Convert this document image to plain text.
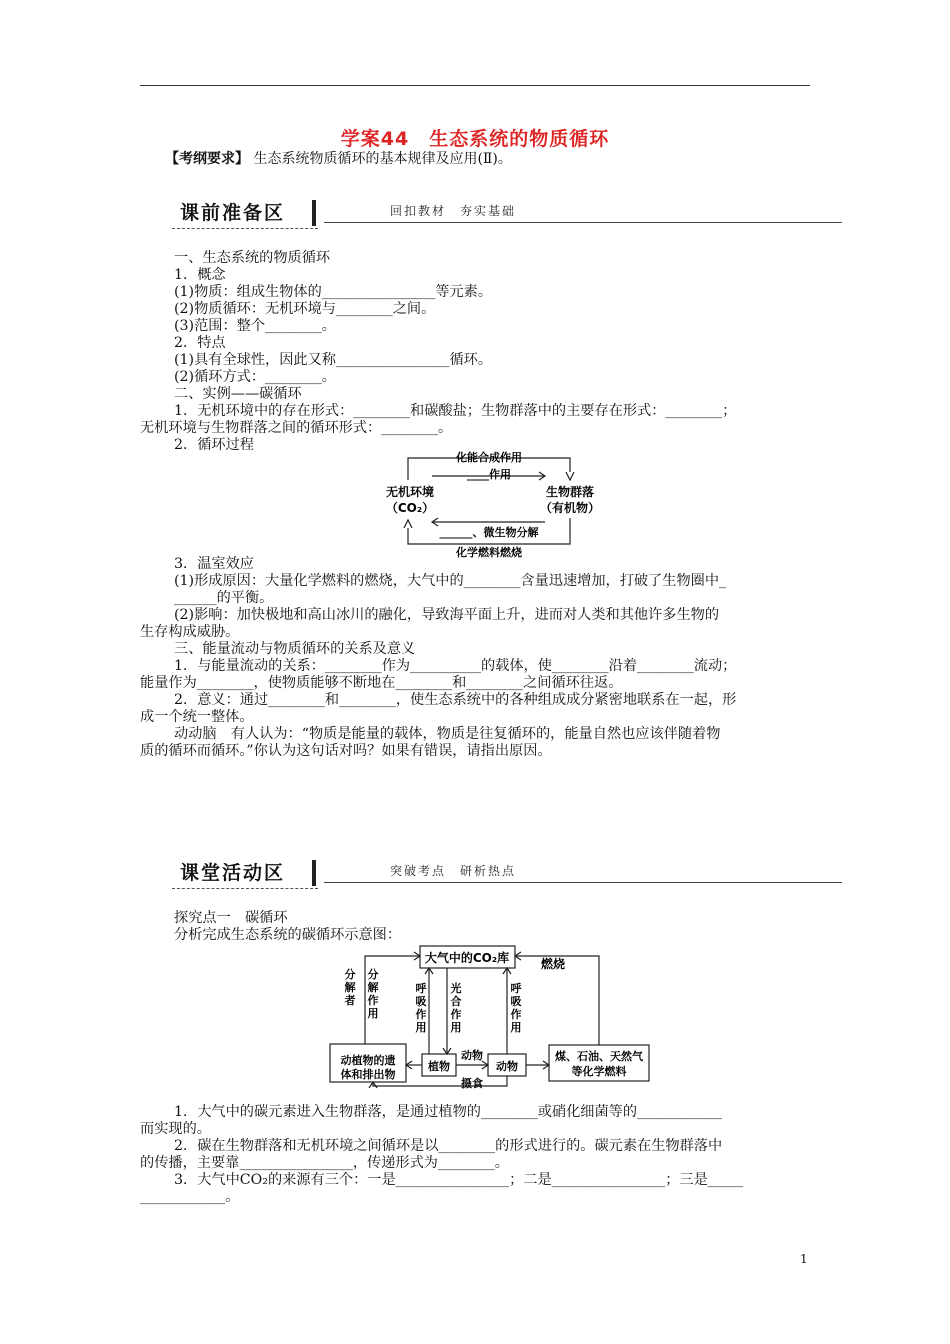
学案44　生态系统的物质循环
【考纲要求】 生态系统物质循环的基本规律及应用(Ⅱ)。
课前准备区	回扣教材　夯实基础

一、生态系统的物质循环

1．概念

(1)物质：组成生物体的________________等元素。

(2)物质循环：无机环境与________之间。

(3)范围：整个________。

2．特点

(1)具有全球性，因此又称________________循环。

(2)循环方式：________。

二、实例——碳循环

1．无机环境中的存在形式：________和碳酸盐；生物群落中的主要存在形式：________；

无机环境与生物群落之间的循环形式：________。

2．循环过程

化能合成作用
____作用
无机环境
（CO₂）
生物群落
（有机物）
______、微生物分解
化学燃料燃烧

3．温室效应

(1)形成原因：大量化学燃料的燃烧，大气中的________含量迅速增加，打破了生物圈中_

______的平衡。

(2)影响：加快极地和高山冰川的融化，导致海平面上升，进而对人类和其他许多生物的

生存构成威胁。

三、能量流动与物质循环的关系及意义

1．与能量流动的关系：________作为__________的载体，使________沿着________流动；

能量作为________，使物质能够不断地在________和________之间循环往返。

2．意义：通过________和________，使生态系统中的各种组成成分紧密地联系在一起，形

成一个统一整体。

动动脑　有人认为：“物质是能量的载体，物质是往复循环的，能量自然也应该伴随着物

质的循环而循环。”你认为这句话对吗？如果有错误，请指出原因。

课堂活动区	突破考点　研析热点

探究点一　碳循环

分析完成生态系统的碳循环示意图：

大气中的CO₂库	燃烧
动植物的遗
体和排出物
植物	动物
动物
摄食
煤、石油、天然气
等化学燃料
分解者
分解作用
呼吸作用
光合作用
呼吸作用

1．大气中的碳元素进入生物群落，是通过植物的________或硝化细菌等的____________

而实现的。

2．碳在生物群落和无机环境之间循环是以________的形式进行的。碳元素在生物群落中

的传播，主要靠________________，传递形式为________。

3．大气中CO₂的来源有三个：一是________________；二是________________；三是_____

____________。

1
